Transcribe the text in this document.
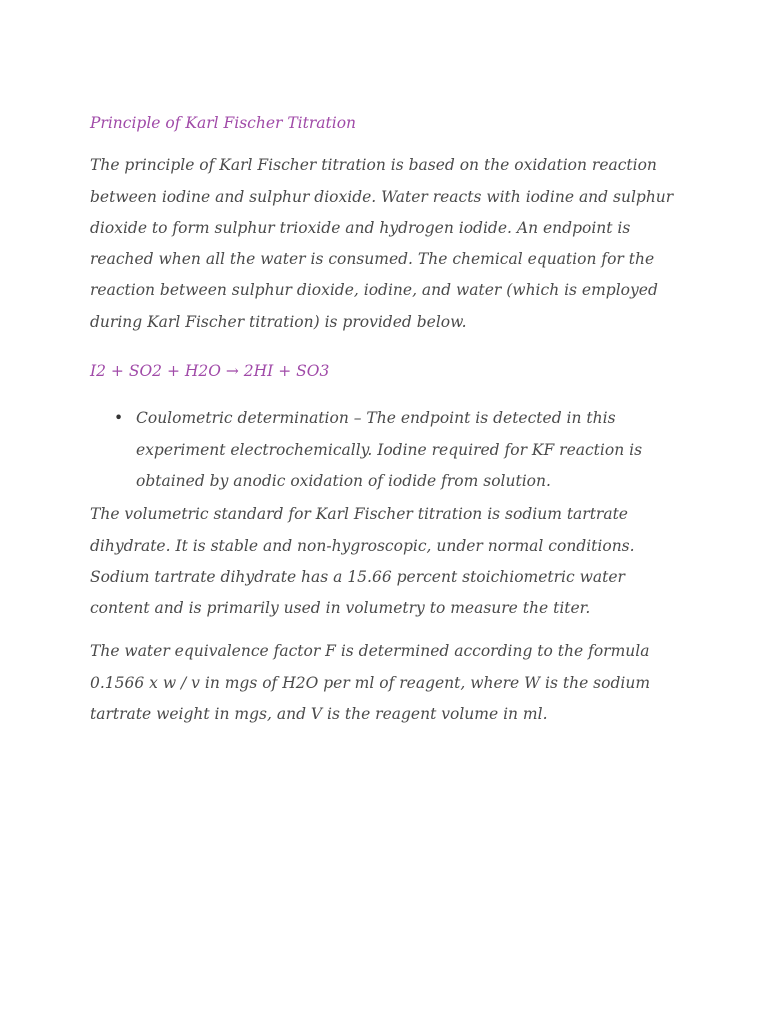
Principle of Karl Fischer Titration
The principle of Karl Fischer titration is based on the oxidation reaction between iodine and sulphur dioxide. Water reacts with iodine and sulphur dioxide to form sulphur trioxide and hydrogen iodide. An endpoint is reached when all the water is consumed. The chemical equation for the reaction between sulphur dioxide, iodine, and water (which is employed during Karl Fischer titration) is provided below.
I2 + SO2 + H2O → 2HI + SO3
• Coulometric determination – The endpoint is detected in this experiment electrochemically. Iodine required for KF reaction is obtained by anodic oxidation of iodide from solution.
The volumetric standard for Karl Fischer titration is sodium tartrate dihydrate. It is stable and non-hygroscopic, under normal conditions. Sodium tartrate dihydrate has a 15.66 percent stoichiometric water content and is primarily used in volumetry to measure the titer.
The water equivalence factor F is determined according to the formula 0.1566 x w / v in mgs of H2O per ml of reagent, where W is the sodium tartrate weight in mgs, and V is the reagent volume in ml.
